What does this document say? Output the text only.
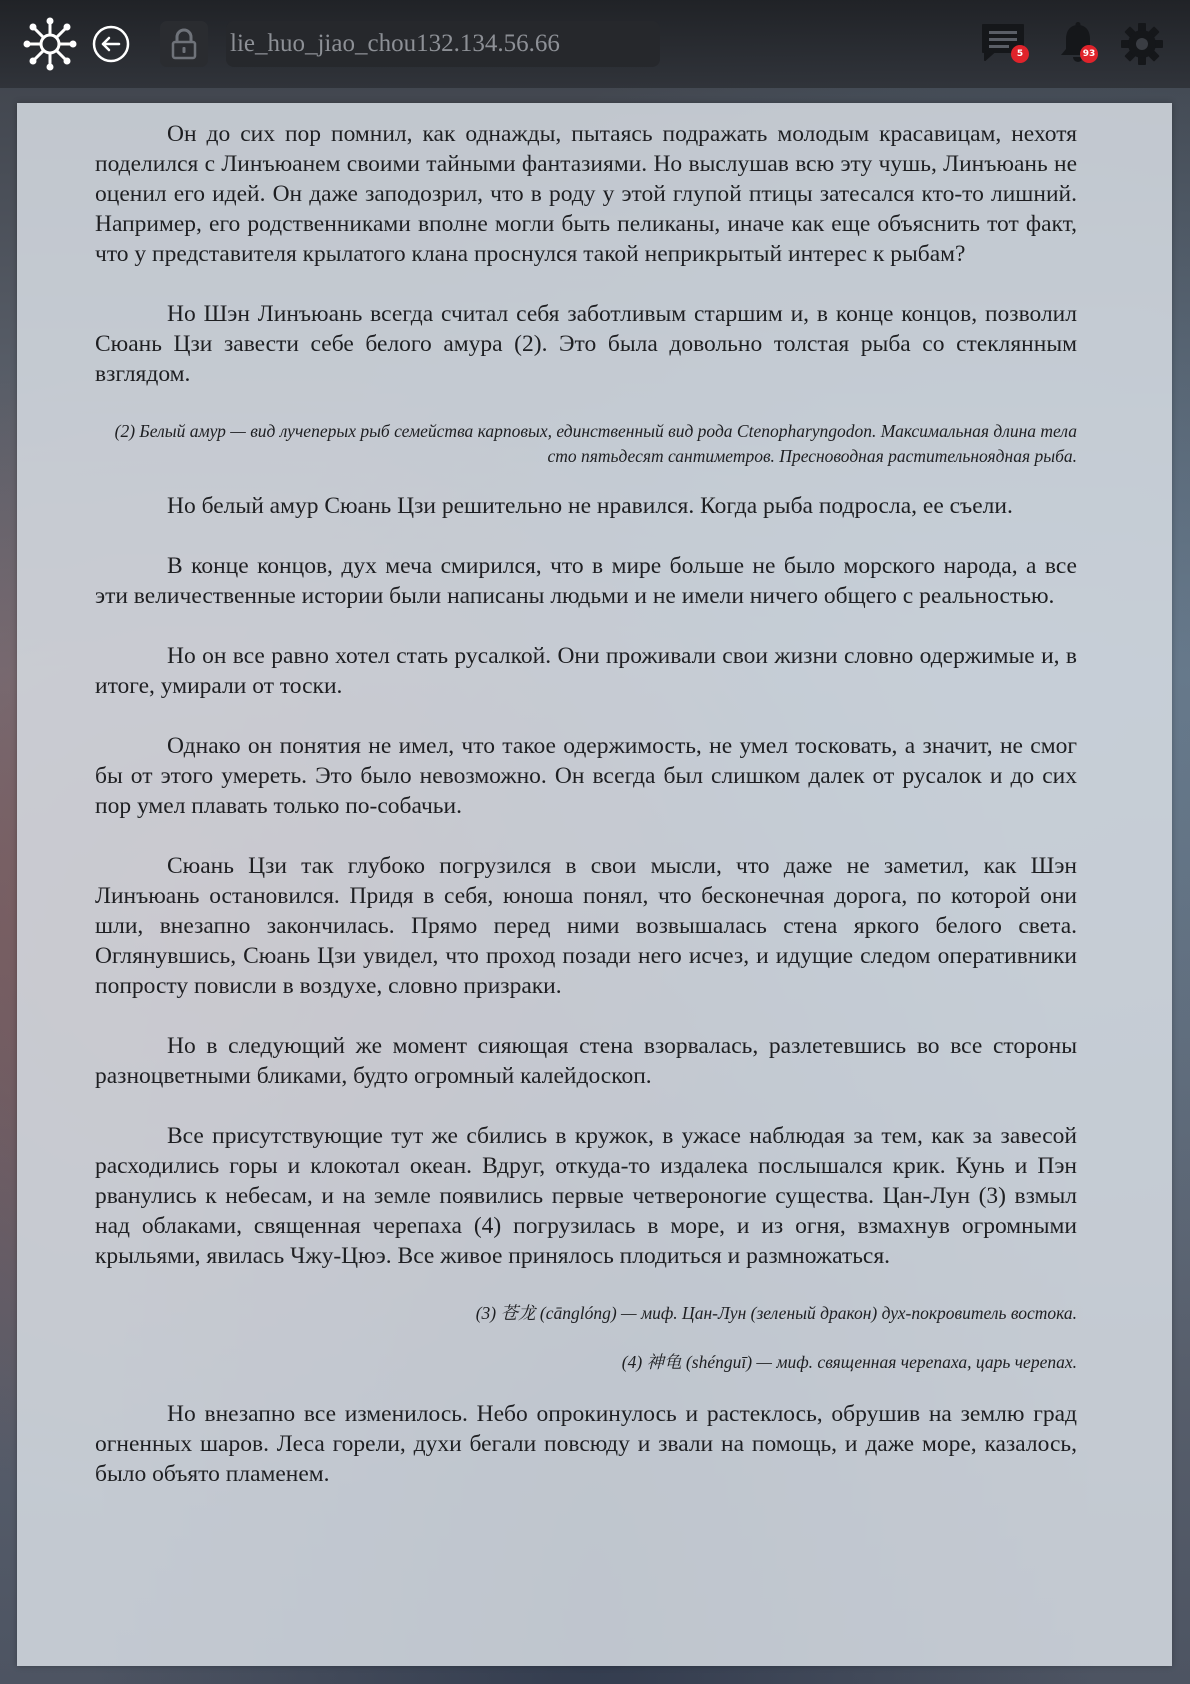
lie_huo_jiao_chou132.134.56.66
5	93

Он до сих пор помнил, как однажды, пытаясь подражать молодым красавицам, нехотя поделился с Линъюанем своими тайными фантазиями. Но выслушав всю эту чушь, Линъюань не оценил его идей. Он даже заподозрил, что в роду у этой глупой птицы затесался кто-то лишний. Например, его родственниками вполне могли быть пеликаны, иначе как еще объяснить тот факт, что у представителя крылатого клана проснулся такой неприкрытый интерес к рыбам?

Но Шэн Линъюань всегда считал себя заботливым старшим и, в конце концов, позволил Сюань Цзи завести себе белого амура (2). Это была довольно толстая рыба со стеклянным взглядом.

(2) Белый амур — вид лучеперых рыб семейства карповых, единственный вид рода Ctenopharyngodon. Максимальная длина тела сто пятьдесят сантиметров. Пресноводная растительноядная рыба.

Но белый амур Сюань Цзи решительно не нравился. Когда рыба подросла, ее съели.

В конце концов, дух меча смирился, что в мире больше не было морского народа, а все эти величественные истории были написаны людьми и не имели ничего общего с реальностью.

Но он все равно хотел стать русалкой. Они проживали свои жизни словно одержимые и, в итоге, умирали от тоски.

Однако он понятия не имел, что такое одержимость, не умел тосковать, а значит, не смог бы от этого умереть. Это было невозможно. Он всегда был слишком далек от русалок и до сих пор умел плавать только по-собачьи.

Сюань Цзи так глубоко погрузился в свои мысли, что даже не заметил, как Шэн Линъюань остановился. Придя в себя, юноша понял, что бесконечная дорога, по которой они шли, внезапно закончилась. Прямо перед ними возвышалась стена яркого белого света. Оглянувшись, Сюань Цзи увидел, что проход позади него исчез, и идущие следом оперативники попросту повисли в воздухе, словно призраки.

Но в следующий же момент сияющая стена взорвалась, разлетевшись во все стороны разноцветными бликами, будто огромный калейдоскоп.

Все присутствующие тут же сбились в кружок, в ужасе наблюдая за тем, как за завесой расходились горы и клокотал океан. Вдруг, откуда-то издалека послышался крик. Кунь и Пэн рванулись к небесам, и на земле появились первые четвероногие существа. Цан-Лун (3) взмыл над облаками, священная черепаха (4) погрузилась в море, и из огня, взмахнув огромными крыльями, явилась Чжу-Цюэ. Все живое принялось плодиться и размножаться.

(3) 苍龙 (cānglóng) — миф. Цан-Лун (зеленый дракон) дух-покровитель востока.

(4) 神龟 (shénguī) — миф. священная черепаха, царь черепах.

Но внезапно все изменилось. Небо опрокинулось и растеклось, обрушив на землю град огненных шаров. Леса горели, духи бегали повсюду и звали на помощь, и даже море, казалось, было объято пламенем.
